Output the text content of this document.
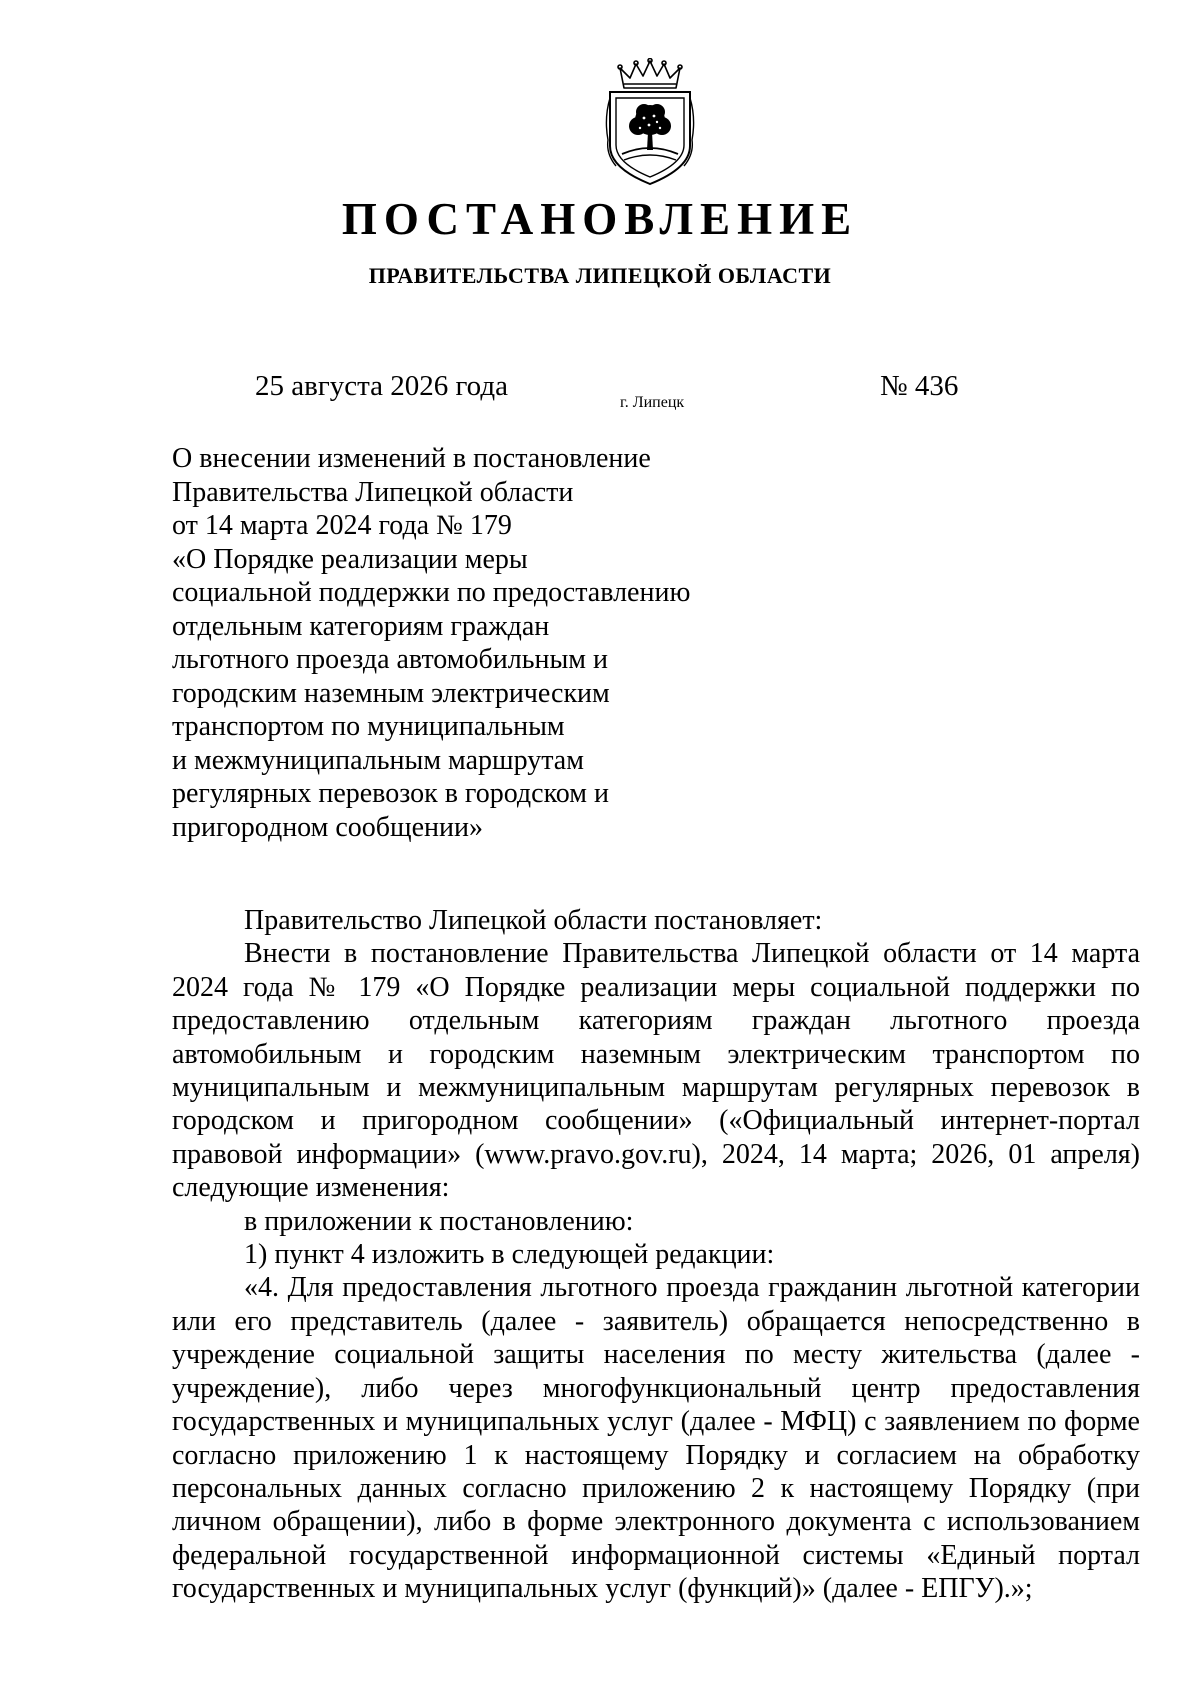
ПОСТАНОВЛЕНИЕ
ПРАВИТЕЛЬСТВА ЛИПЕЦКОЙ ОБЛАСТИ
25 августа 2026 года
г. Липецк
№ 436
О внесении изменений в постановление
Правительства Липецкой области
от 14 марта 2024 года № 179
«О Порядке реализации меры
социальной поддержки по предоставлению
отдельным категориям граждан
льготного проезда автомобильным и
городским наземным электрическим
транспортом по муниципальным
и межмуниципальным маршрутам
регулярных перевозок в городском и
пригородном сообщении»

Правительство Липецкой области постановляет:

Внести в постановление Правительства Липецкой области от 14 марта 2024 года № 179 «О Порядке реализации меры социальной поддержки по предоставлению отдельным категориям граждан льготного проезда автомобильным и городским наземным электрическим транспортом по муниципальным и межмуниципальным маршрутам регулярных перевозок в городском и пригородном сообщении» («Официальный интернет-портал правовой информации» (www.pravo.gov.ru), 2024, 14 марта; 2026, 01 апреля) следующие изменения:

в приложении к постановлению:

1) пункт 4 изложить в следующей редакции:

«4. Для предоставления льготного проезда гражданин льготной категории или его представитель (далее - заявитель) обращается непосредственно в учреждение социальной защиты населения по месту жительства (далее - учреждение), либо через многофункциональный центр предоставления государственных и муниципальных услуг (далее - МФЦ) с заявлением по форме согласно приложению 1 к настоящему Порядку и согласием на обработку персональных данных согласно приложению 2 к настоящему Порядку (при личном обращении), либо в форме электронного документа с использованием федеральной государственной информационной системы «Единый портал государственных и муниципальных услуг (функций)» (далее - ЕПГУ).»;
